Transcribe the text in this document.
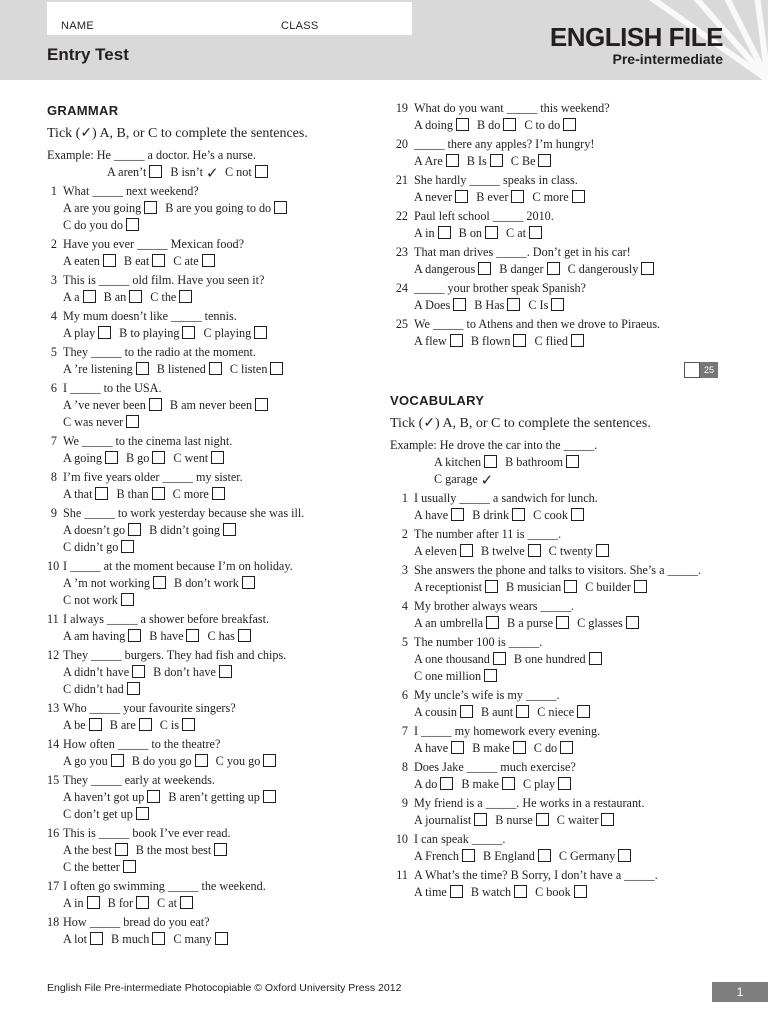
NAME	CLASS
Entry Test
ENGLISH FILE
Pre-intermediate
GRAMMAR
Tick (✓) A, B, or C to complete the sentences.
Example: He _____ a doctor. He’s a nurse.
A aren’t B isn’t ✓ C not
1 What _____ next weekend?
A are you going B are you going to do
C do you do
2 Have you ever _____ Mexican food?
A eaten B eat C ate
3 This is _____ old film. Have you seen it?
A a B an C the
4 My mum doesn’t like _____ tennis.
A play B to playing C playing
5 They _____ to the radio at the moment.
A ’re listening B listened C listen
6 I _____ to the USA.
A ’ve never been B am never been
C was never
7 We _____ to the cinema last night.
A going B go C went
8 I’m five years older _____ my sister.
A that B than C more
9 She _____ to work yesterday because she was ill.
A doesn’t go B didn’t going
C didn’t go
10 I _____ at the moment because I’m on holiday.
A ’m not working B don’t work
C not work
11 I always _____ a shower before breakfast.
A am having B have C has
12 They _____ burgers. They had fish and chips.
A didn’t have B don’t have
C didn’t had
13 Who _____ your favourite singers?
A be B are C is
14 How often _____ to the theatre?
A go you B do you go C you go
15 They _____ early at weekends.
A haven’t got up B aren’t getting up
C don’t get up
16 This is _____ book I’ve ever read.
A the best B the most best
C the better
17 I often go swimming _____ the weekend.
A in B for C at
18 How _____ bread do you eat?
A lot B much C many
19 What do you want _____ this weekend?
A doing B do C to do
20 _____ there any apples? I’m hungry!
A Are B Is C Be
21 She hardly _____ speaks in class.
A never B ever C more
22 Paul left school _____ 2010.
A in B on C at
23 That man drives _____. Don’t get in his car!
A dangerous B danger C dangerously
24 _____ your brother speak Spanish?
A Does B Has C Is
25 We _____ to Athens and then we drove to Piraeus.
A flew B flown C flied
25
VOCABULARY
Tick (✓) A, B, or C to complete the sentences.
Example: He drove the car into the _____.
A kitchen B bathroom
C garage ✓
1 I usually _____ a sandwich for lunch.
A have B drink C cook
2 The number after 11 is _____.
A eleven B twelve C twenty
3 She answers the phone and talks to visitors. She’s a _____.
A receptionist B musician C builder
4 My brother always wears _____.
A an umbrella B a purse C glasses
5 The number 100 is _____.
A one thousand B one hundred
C one million
6 My uncle’s wife is my _____.
A cousin B aunt C niece
7 I _____ my homework every evening.
A have B make C do
8 Does Jake _____ much exercise?
A do B make C play
9 My friend is a _____. He works in a restaurant.
A journalist B nurse C waiter
10 I can speak _____.
A French B England C Germany
11 A What’s the time? B Sorry, I don’t have a _____.
A time B watch C book
English File Pre-intermediate Photocopiable © Oxford University Press 2012	1
